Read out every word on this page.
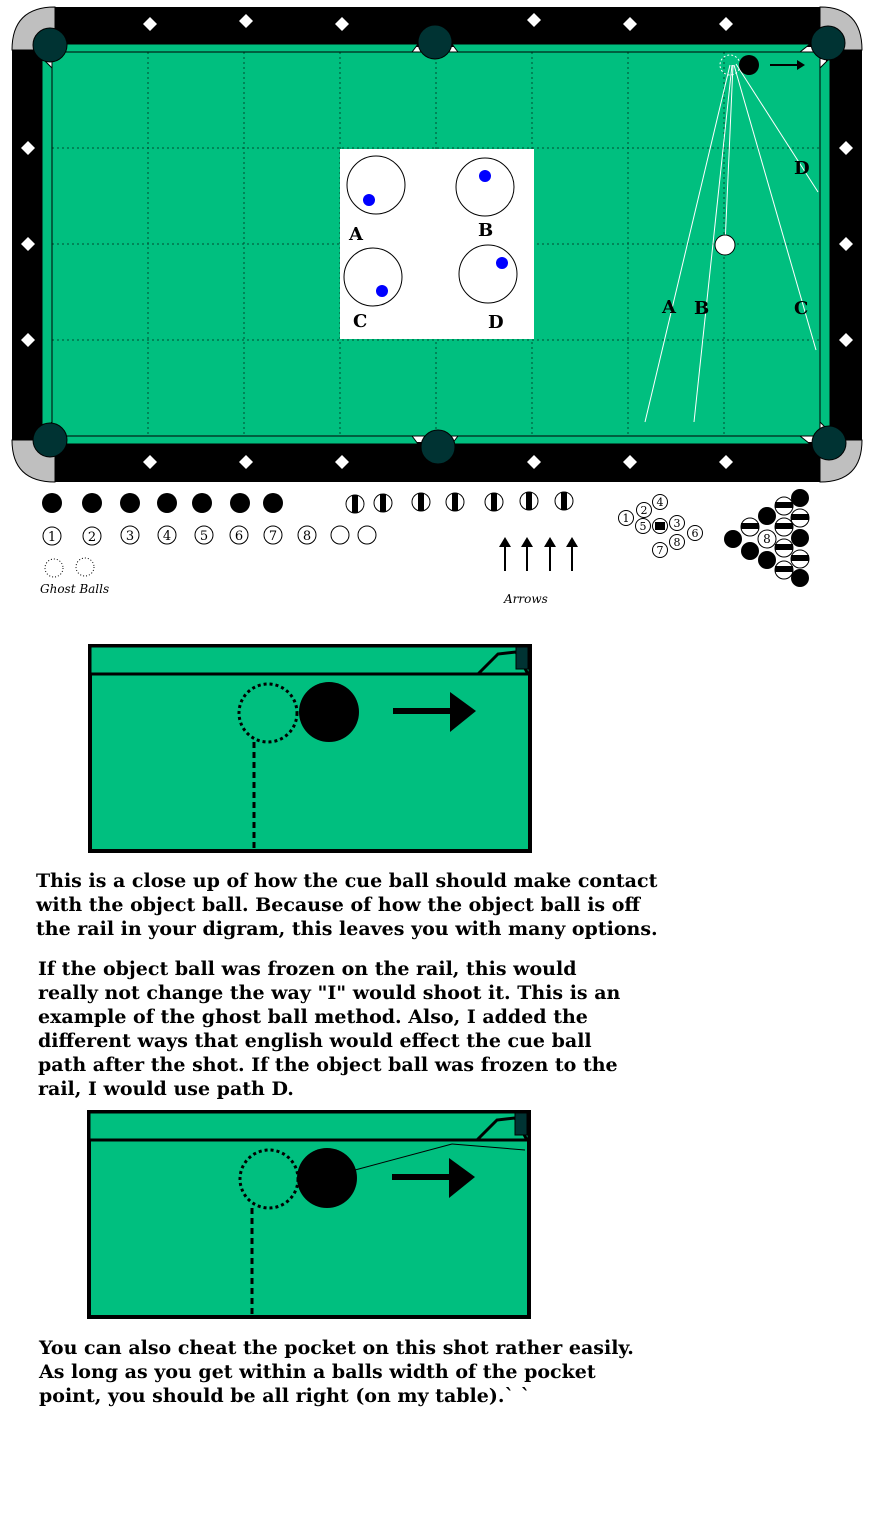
A	B
C	D
A B	C
D
1 2 3 4 5 6 7 8
Ghost Balls
Arrows
1
2
3
4
5
6
7
8	8

This is a close up of how the cue ball should make contact with the object ball. Because of how the object ball is off the rail in your digram, this leaves you with many options.

If the object ball was frozen on the rail, this would really not change the way "I" would shoot it. This is an example of the ghost ball method. Also, I added the different ways that english would effect the cue ball path after the shot. If the object ball was frozen to the rail, I would use path D.

You can also cheat the pocket on this shot rather easily. As long as you get within a balls width of the pocket point, you should be all right (on my table).` `
